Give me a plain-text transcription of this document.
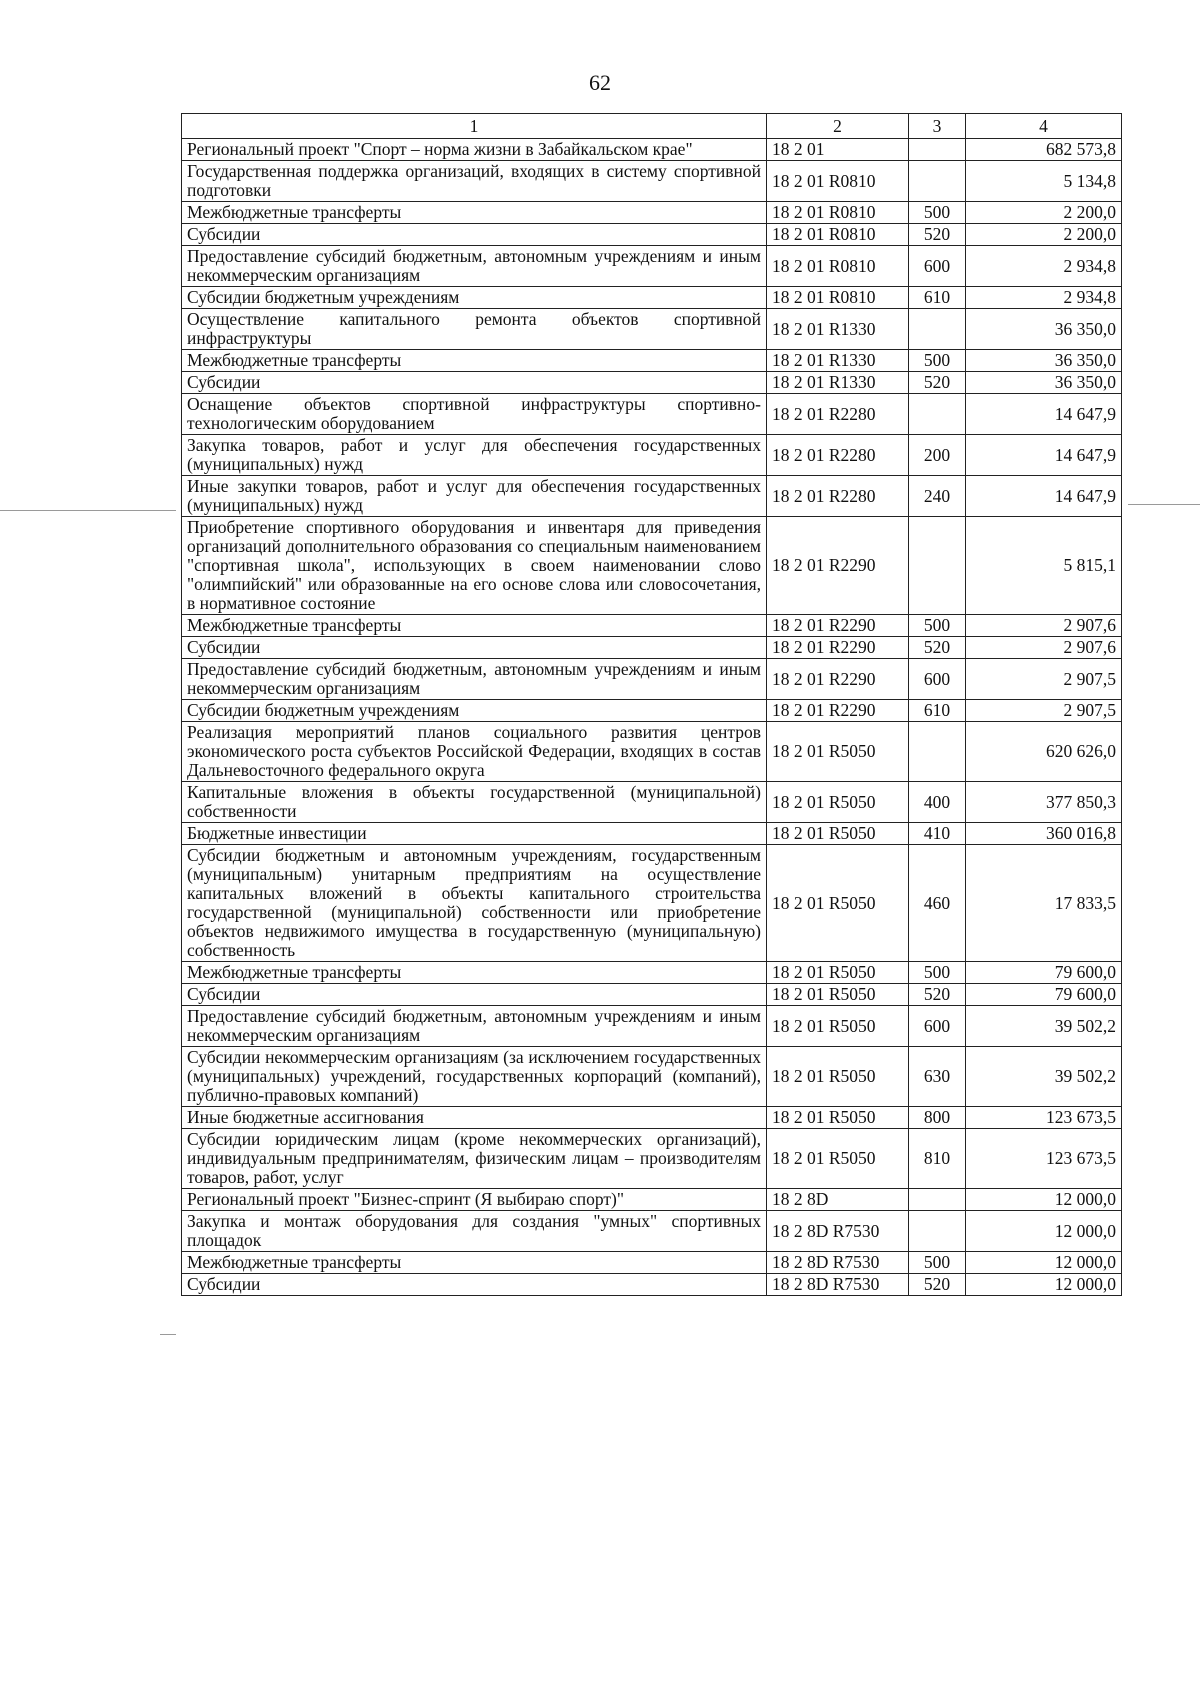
62
1	2	3	4
Региональный проект "Спорт – норма жизни в Забайкальском крае"	18 2 01		682 573,8
Государственная поддержка организаций, входящих в систему спортивной подготовки	18 2 01 R0810		5 134,8
Межбюджетные трансферты	18 2 01 R0810	500	2 200,0
Субсидии	18 2 01 R0810	520	2 200,0
Предоставление субсидий бюджетным, автономным учреждениям и иным некоммерческим организациям	18 2 01 R0810	600	2 934,8
Субсидии бюджетным учреждениям	18 2 01 R0810	610	2 934,8
Осуществление капитального ремонта объектов спортивной инфраструктуры	18 2 01 R1330		36 350,0
Межбюджетные трансферты	18 2 01 R1330	500	36 350,0
Субсидии	18 2 01 R1330	520	36 350,0
Оснащение объектов спортивной инфраструктуры спортивно-технологическим оборудованием	18 2 01 R2280		14 647,9
Закупка товаров, работ и услуг для обеспечения государственных (муниципальных) нужд	18 2 01 R2280	200	14 647,9
Иные закупки товаров, работ и услуг для обеспечения государственных (муниципальных) нужд	18 2 01 R2280	240	14 647,9
Приобретение спортивного оборудования и инвентаря для приведения организаций дополнительного образования со специальным наименованием "спортивная школа", использующих в своем наименовании слово "олимпийский" или образованные на его основе слова или словосочетания, в нормативное состояние	18 2 01 R2290		5 815,1
Межбюджетные трансферты	18 2 01 R2290	500	2 907,6
Субсидии	18 2 01 R2290	520	2 907,6
Предоставление субсидий бюджетным, автономным учреждениям и иным некоммерческим организациям	18 2 01 R2290	600	2 907,5
Субсидии бюджетным учреждениям	18 2 01 R2290	610	2 907,5
Реализация мероприятий планов социального развития центров экономического роста субъектов Российской Федерации, входящих в состав Дальневосточного федерального округа	18 2 01 R5050		620 626,0
Капитальные вложения в объекты государственной (муниципальной) собственности	18 2 01 R5050	400	377 850,3
Бюджетные инвестиции	18 2 01 R5050	410	360 016,8
Субсидии бюджетным и автономным учреждениям, государственным (муниципальным) унитарным предприятиям на осуществление капитальных вложений в объекты капитального строительства государственной (муниципальной) собственности или приобретение объектов недвижимого имущества в государственную (муниципальную) собственность	18 2 01 R5050	460	17 833,5
Межбюджетные трансферты	18 2 01 R5050	500	79 600,0
Субсидии	18 2 01 R5050	520	79 600,0
Предоставление субсидий бюджетным, автономным учреждениям и иным некоммерческим организациям	18 2 01 R5050	600	39 502,2
Субсидии некоммерческим организациям (за исключением государственных (муниципальных) учреждений, государственных корпораций (компаний), публично-правовых компаний)	18 2 01 R5050	630	39 502,2
Иные бюджетные ассигнования	18 2 01 R5050	800	123 673,5
Субсидии юридическим лицам (кроме некоммерческих организаций), индивидуальным предпринимателям, физическим лицам – производителям товаров, работ, услуг	18 2 01 R5050	810	123 673,5
Региональный проект "Бизнес-спринт (Я выбираю спорт)"	18 2 8D		12 000,0
Закупка и монтаж оборудования для создания "умных" спортивных площадок	18 2 8D R7530		12 000,0
Межбюджетные трансферты	18 2 8D R7530	500	12 000,0
Субсидии	18 2 8D R7530	520	12 000,0
